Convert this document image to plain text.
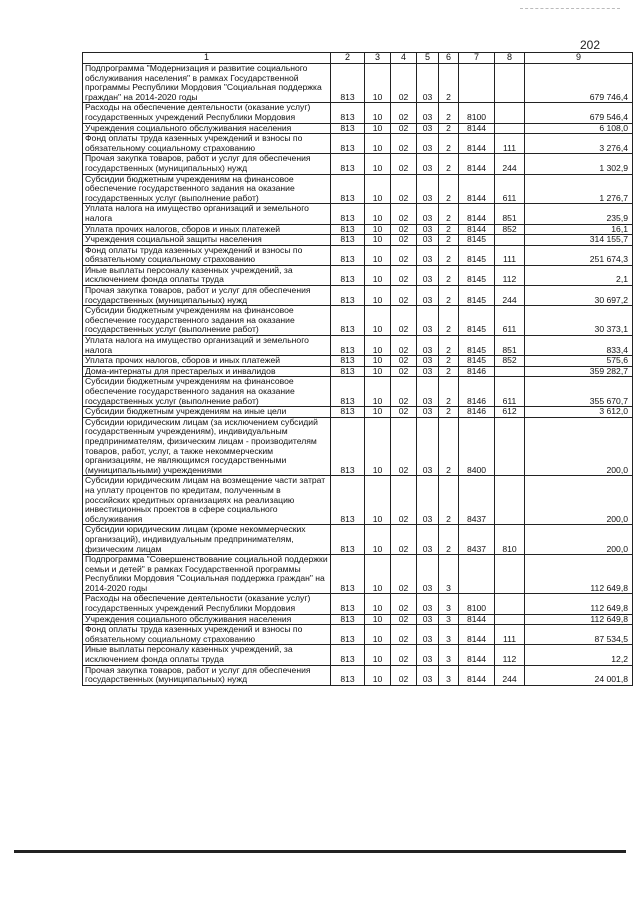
202
1	2	3	4	5	6	7	8	9
Подпрограмма "Модернизация и развитие социального обслуживания населения" в рамках Государственной программы Республики Мордовия "Социальная поддержка граждан" на 2014-2020 годы	813	10	02	03	2			679 746,4
Расходы на обеспечение деятельности (оказание услуг) государственных учреждений Республики Мордовия	813	10	02	03	2	8100		679 546,4
Учреждения социального обслуживания населения	813	10	02	03	2	8144		6 108,0
Фонд оплаты труда казенных учреждений и взносы по обязательному социальному страхованию	813	10	02	03	2	8144	111	3 276,4
Прочая закупка товаров, работ и услуг для обеспечения государственных (муниципальных) нужд	813	10	02	03	2	8144	244	1 302,9
Субсидии бюджетным учреждениям на финансовое обеспечение государственного задания на оказание государственных услуг (выполнение работ)	813	10	02	03	2	8144	611	1 276,7
Уплата налога на имущество организаций и земельного налога	813	10	02	03	2	8144	851	235,9
Уплата прочих налогов, сборов и иных платежей	813	10	02	03	2	8144	852	16,1
Учреждения социальной защиты населения	813	10	02	03	2	8145		314 155,7
Фонд оплаты труда казенных учреждений и взносы по обязательному социальному страхованию	813	10	02	03	2	8145	111	251 674,3
Иные выплаты персоналу казенных учреждений, за исключением фонда оплаты труда	813	10	02	03	2	8145	112	2,1
Прочая закупка товаров, работ и услуг для обеспечения государственных (муниципальных) нужд	813	10	02	03	2	8145	244	30 697,2
Субсидии бюджетным учреждениям на финансовое обеспечение государственного задания на оказание государственных услуг (выполнение работ)	813	10	02	03	2	8145	611	30 373,1
Уплата налога на имущество организаций и земельного налога	813	10	02	03	2	8145	851	833,4
Уплата прочих налогов, сборов и иных платежей	813	10	02	03	2	8145	852	575,6
Дома-интернаты для престарелых и инвалидов	813	10	02	03	2	8146		359 282,7
Субсидии бюджетным учреждениям на финансовое обеспечение государственного задания на оказание государственных услуг (выполнение работ)	813	10	02	03	2	8146	611	355 670,7
Субсидии бюджетным учреждениям на иные цели	813	10	02	03	2	8146	612	3 612,0
Субсидии юридическим лицам (за исключением субсидий государственным учреждениям), индивидуальным предпринимателям, физическим лицам - производителям товаров, работ, услуг, а также некоммерческим организациям, не являющимся государственными (муниципальными) учреждениями	813	10	02	03	2	8400		200,0
Субсидии юридическим лицам на возмещение части затрат на уплату процентов по кредитам, полученным в российских кредитных организациях на реализацию инвестиционных проектов в сфере социального обслуживания	813	10	02	03	2	8437		200,0
Субсидии юридическим лицам (кроме некоммерческих организаций), индивидуальным предпринимателям, физическим лицам	813	10	02	03	2	8437	810	200,0
Подпрограмма "Совершенствование социальной поддержки семьи и детей" в рамках Государственной программы Республики Мордовия "Социальная поддержка граждан" на 2014-2020 годы	813	10	02	03	3			112 649,8
Расходы на обеспечение деятельности (оказание услуг) государственных учреждений Республики Мордовия	813	10	02	03	3	8100		112 649,8
Учреждения социального обслуживания населения	813	10	02	03	3	8144		112 649,8
Фонд оплаты труда казенных учреждений и взносы по обязательному социальному страхованию	813	10	02	03	3	8144	111	87 534,5
Иные выплаты персоналу казенных учреждений, за исключением фонда оплаты труда	813	10	02	03	3	8144	112	12,2
Прочая закупка товаров, работ и услуг для обеспечения государственных (муниципальных) нужд	813	10	02	03	3	8144	244	24 001,8
